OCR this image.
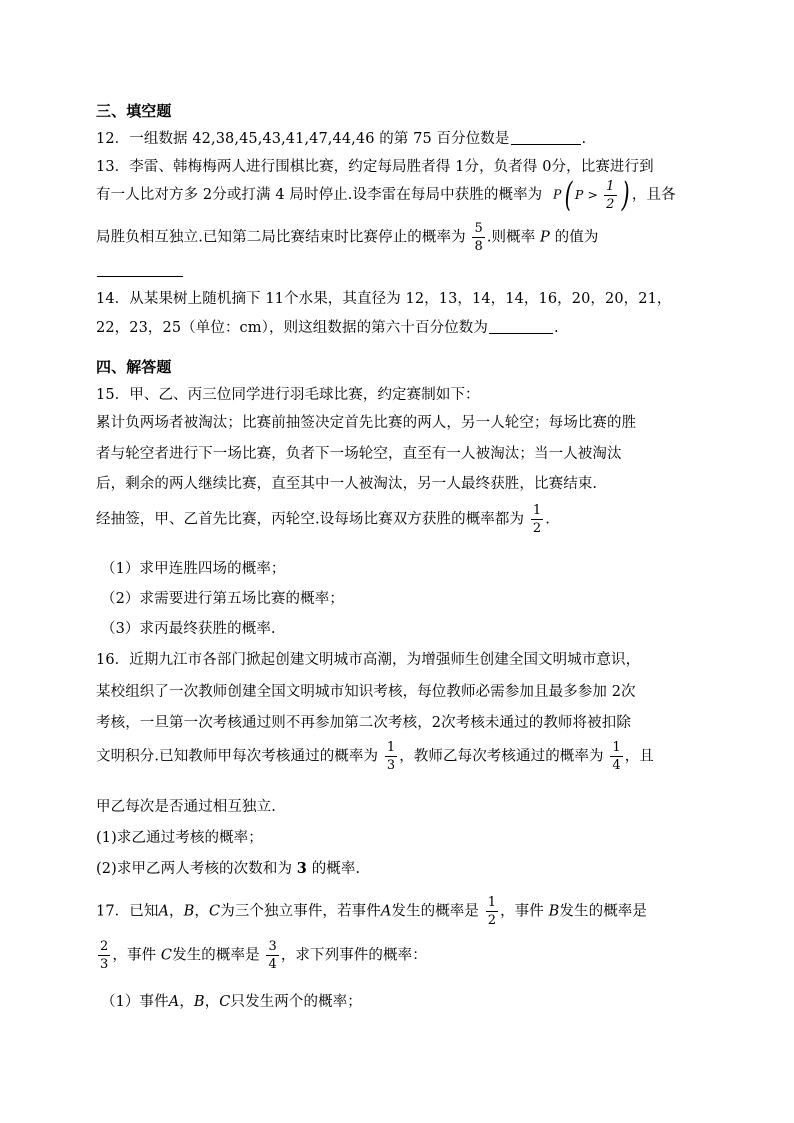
三、填空题
12．一组数据 42,38,45,43,41,47,44,46 的第 75 百分位数是	.
13．李雷、韩梅梅两人进行围棋比赛，约定每局胜者得 1分，负者得 0分，比赛进行到
有一人比对方多 2分或打满 4 局时停止.设李雷在每局中获胜的概率为 P( $P > \frac{1}{2}$ ) ，且各
局胜负相互独立.已知第二局比赛结束时比赛停止的概率为 $\frac{5}{8}$ .则概率 P 的值为
14．从某果树上随机摘下 11个水果，其直径为 12，13，14，14，16，20，20，21，
22，23，25（单位：cm），则这组数据的第六十百分位数为	.
四、解答题
15．甲、乙、丙三位同学进行羽毛球比赛，约定赛制如下：
累计负两场者被淘汰；比赛前抽签决定首先比赛的两人，另一人轮空；每场比赛的胜
者与轮空者进行下一场比赛，负者下一场轮空，直至有一人被淘汰；当一人被淘汰
后，剩余的两人继续比赛，直至其中一人被淘汰，另一人最终获胜，比赛结束.
经抽签，甲、乙首先比赛，丙轮空.设每场比赛双方获胜的概率都为 $\frac{1}{2}$ .
（1）求甲连胜四场的概率；
（2）求需要进行第五场比赛的概率；
（3）求丙最终获胜的概率.
16．近期九江市各部门掀起创建文明城市高潮，为增强师生创建全国文明城市意识，
某校组织了一次教师创建全国文明城市知识考核，每位教师必需参加且最多参加 2次
考核，一旦第一次考核通过则不再参加第二次考核，2次考核未通过的教师将被扣除
文明积分.已知教师甲每次考核通过的概率为 $\frac{1}{3}$ ，教师乙每次考核通过的概率为 $\frac{1}{4}$ ，且
甲乙每次是否通过相互独立.
(1)求乙通过考核的概率；
(2)求甲乙两人考核的次数和为 3 的概率.
17．已知A，B，C为三个独立事件，若事件A发生的概率是 $\frac{1}{2}$ ，事件 B发生的概率是
$\frac{2}{3}$ ，事件 C发生的概率是 $\frac{3}{4}$ ，求下列事件的概率：
（1）事件A，B，C只发生两个的概率；
